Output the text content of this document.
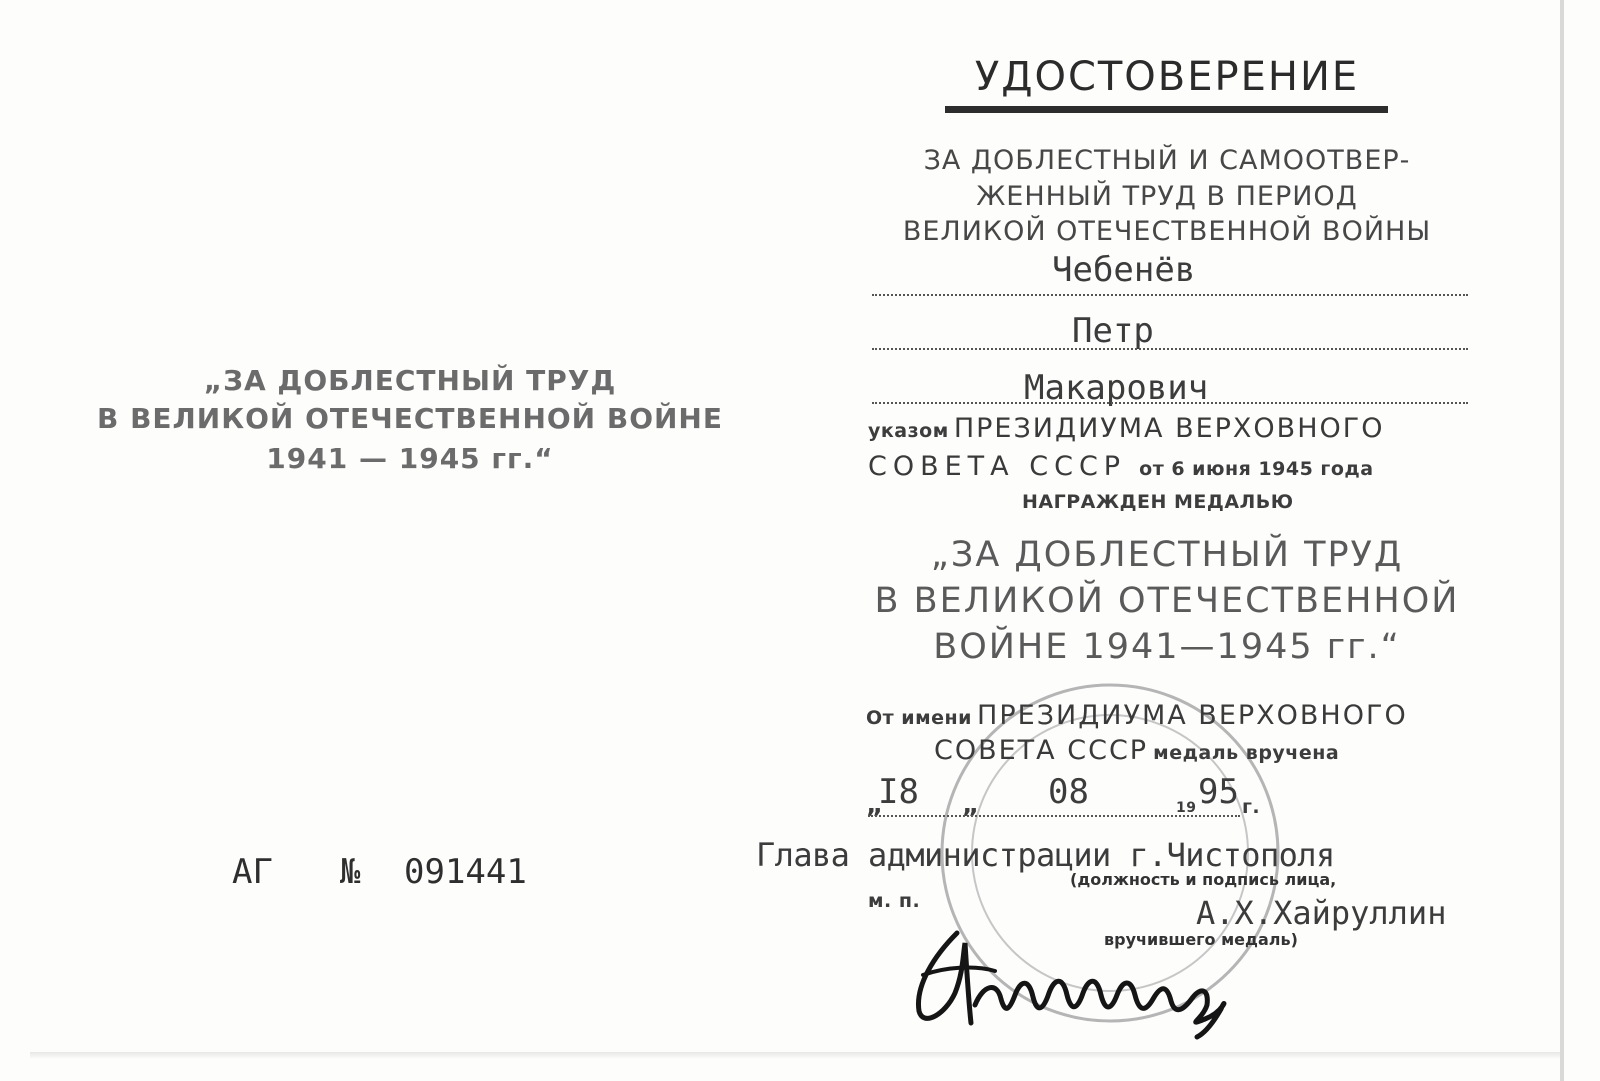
„ЗА ДОБЛЕСТНЫЙ ТРУД
В ВЕЛИКОЙ ОТЕЧЕСТВЕННОЙ ВОЙНЕ
1941 — 1945 гг.“
АГ № 091441
УДОСТОВЕРЕНИЕ
ЗА ДОБЛЕСТНЫЙ И САМООТВЕР-
ЖЕННЫЙ ТРУД В ПЕРИОД
ВЕЛИКОЙ ОТЕЧЕСТВЕННОЙ ВОЙНЫ
Чебенёв
Петр
Макарович
указом ПРЕЗИДИУМА ВЕРХОВНОГО
СОВЕТА СССР от 6 июня 1945 года
НАГРАЖДЕН МЕДАЛЬЮ
„ЗА ДОБЛЕСТНЫЙ ТРУД
В ВЕЛИКОЙ ОТЕЧЕСТВЕННОЙ
ВОЙНЕ 1941—1945 гг.“
От имени ПРЕЗИДИУМА ВЕРХОВНОГО
СОВЕТА СССР медаль вручена
„
I8 „ 08	19 95 г.
Глава администрации г.Чистополя
(должность и подпись лица,
м. п.	А.Х.Хайруллин
вручившего медаль)
